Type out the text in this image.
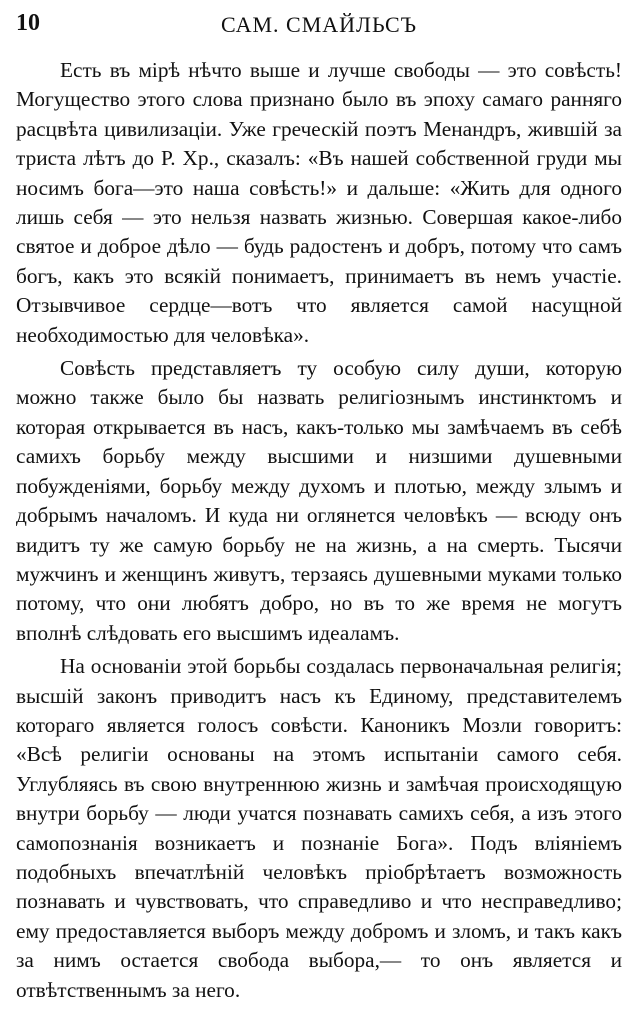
10	САМ. СМАЙЛЬСЪ

Есть въ мірѣ нѣчто выше и лучше свободы — это совѣсть! Могущество этого слова признано было въ эпоху самаго ранняго расцвѣта цивилизаціи. Уже греческій поэтъ Менандръ, жившій за триста лѣтъ до Р. Хр., сказалъ: «Въ нашей собственной груди мы носимъ бога—это наша совѣсть!» и дальше: «Жить для одного лишь себя — это нельзя назвать жизнью. Совершая какое-либо святое и доброе дѣло — будь радостенъ и добръ, потому что самъ богъ, какъ это всякій понимаетъ, принимаетъ въ немъ участіе. Отзывчивое сердце—вотъ что является самой насущной необходимостью для человѣка».

Совѣсть представляетъ ту особую силу души, которую можно также было бы назвать религіознымъ инстинктомъ и которая открывается въ насъ, какъ-только мы замѣчаемъ въ себѣ самихъ борьбу между высшими и низшими душевными побужденіями, борьбу между духомъ и плотью, между злымъ и добрымъ началомъ. И куда ни оглянется человѣкъ — всюду онъ видитъ ту же самую борьбу не на жизнь, а на смерть. Тысячи мужчинъ и женщинъ живутъ, терзаясь душевными муками только потому, что они любятъ добро, но въ то же время не могутъ вполнѣ слѣдовать его высшимъ идеаламъ.

На основаніи этой борьбы создалась первоначальная религія; высшій законъ приводитъ насъ къ Единому, представителемъ котораго является голосъ совѣсти. Каноникъ Мозли говоритъ: «Всѣ религіи основаны на этомъ испытаніи самого себя. Углубляясь въ свою внутреннюю жизнь и замѣчая происходящую внутри борьбу — люди учатся познавать самихъ себя, а изъ этого самопознанія возникаетъ и познаніе Бога». Подъ вліяніемъ подобныхъ впечатлѣній человѣкъ пріобрѣтаетъ возможность познавать и чувствовать, что справедливо и что несправедливо; ему предоставляется выборъ между добромъ и зломъ, и такъ какъ за нимъ остается свобода выбора,— то онъ является и отвѣтственнымъ за него.
